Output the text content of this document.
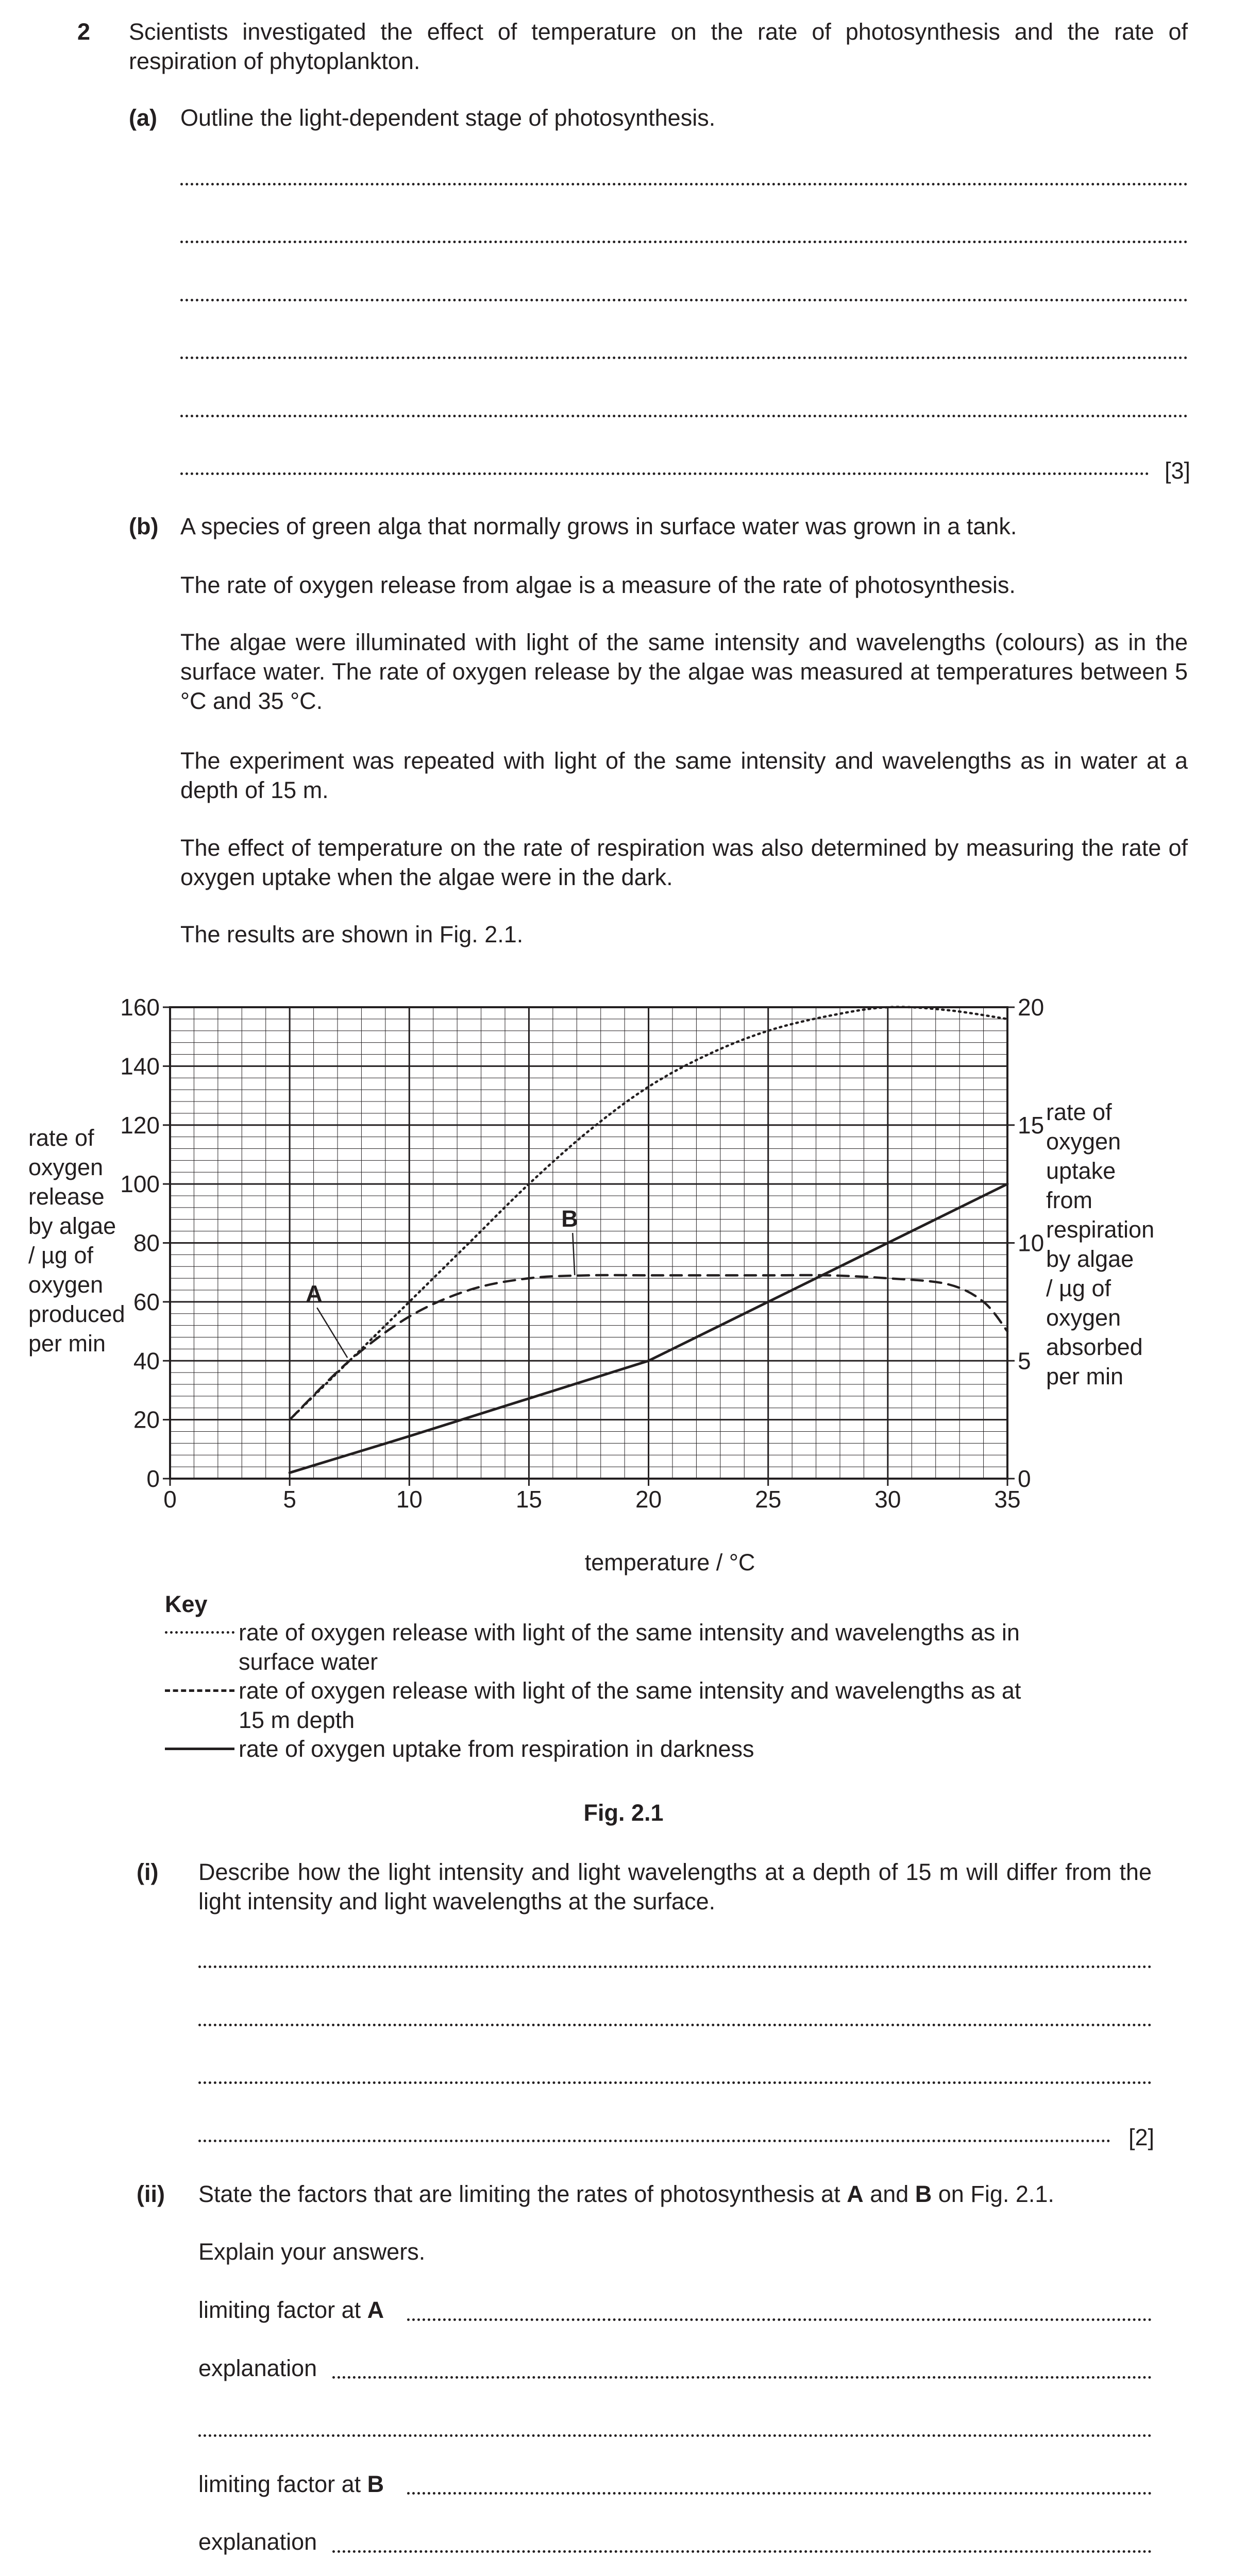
2 Scientists investigated the effect of temperature on the rate of photosynthesis and the rate of respiration of phytoplankton.
(a) Outline the light-dependent stage of photosynthesis.
[3]
(b) A species of green alga that normally grows in surface water was grown in a tank.
The rate of oxygen release from algae is a measure of the rate of photosynthesis.
The algae were illuminated with light of the same intensity and wavelengths (colours) as in the surface water. The rate of oxygen release by the algae was measured at temperatures between 5 °C and 35 °C.
The experiment was repeated with light of the same intensity and wavelengths as in water at a depth of 15 m.
The effect of temperature on the rate of respiration was also determined by measuring the rate of oxygen uptake when the algae were in the dark.
The results are shown in Fig. 2.1.
rate of
oxygen
release
by algae
/ µg of
oxygen
produced
per min
rate of
oxygen
uptake
from
respiration
by algae
/ µg of
oxygen
absorbed
per min
0	5	10	15	20	25	30	35
0
20
40
60
80
100
120
140
160
0
5
10
15
20
A
B
temperature / °C
Key
rate of oxygen release with light of the same intensity and wavelengths as in surface water
rate of oxygen release with light of the same intensity and wavelengths as at 15 m depth
rate of oxygen uptake from respiration in darkness
Fig. 2.1
(i) Describe how the light intensity and light wavelengths at a depth of 15 m will differ from the light intensity and light wavelengths at the surface.
[2]
(ii) State the factors that are limiting the rates of photosynthesis at A and B on Fig. 2.1.
Explain your answers.
limiting factor at A
explanation
limiting factor at B
explanation
